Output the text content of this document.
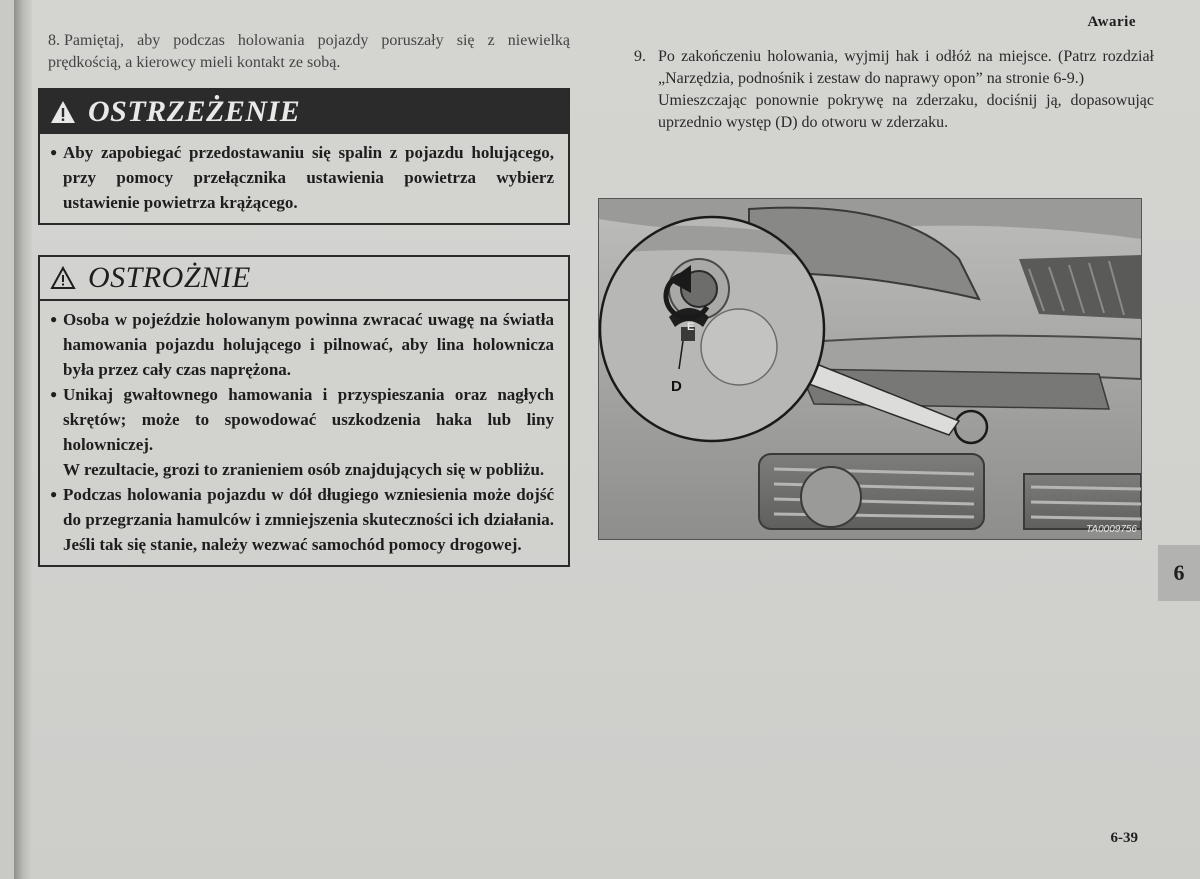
Awarie
8. Pamiętaj, aby podczas holowania pojazdy poruszały się z niewielką prędkością, a kierowcy mieli kontakt ze sobą.
OSTRZEŻENIE
● Aby zapobiegać przedostawaniu się spalin z pojazdu holującego, przy pomocy przełącznika ustawienia powietrza wybierz ustawienie powietrza krążącego.
OSTROŻNIE
● Osoba w pojeździe holowanym powinna zwracać uwagę na światła hamowania pojazdu holującego i pilnować, aby lina holownicza była przez cały czas naprężona.
● Unikaj gwałtownego hamowania i przyspieszania oraz nagłych skrętów; może to spowodować uszkodzenia haka lub liny holowniczej.
W rezultacie, grozi to zranieniem osób znajdujących się w pobliżu.
● Podczas holowania pojazdu w dół długiego wzniesienia może dojść do przegrzania hamulców i zmniejszenia skuteczności ich działania. Jeśli tak się stanie, należy wezwać samochód pomocy drogowej.
9. Po zakończeniu holowania, wyjmij hak i odłóż na miejsce. (Patrz rozdział „Narzędzia, podnośnik i zestaw do naprawy opon” na stronie 6-9.)

Umieszczając ponownie pokrywę na zderzaku, dociśnij ją, dopasowując uprzednio występ (D) do otworu w zderzaku.

6
6-39
E
D
TA0009756
